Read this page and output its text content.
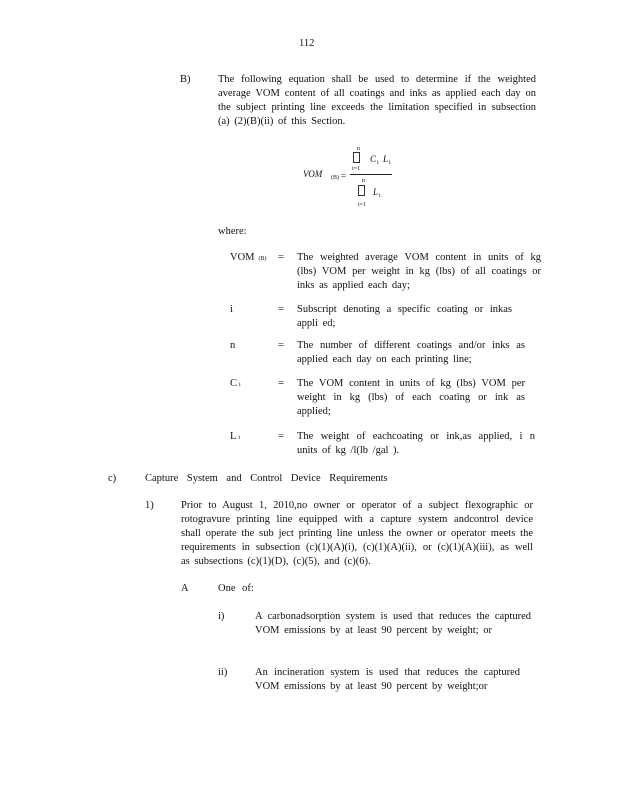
112
B)	The following equation shall be used to determine if the weighted average VOM content of all coatings and inks as applied each day on the subject printing line exceeds the limitation specified in subsection (a) (2)(B)(ii) of this Section.
VOM (B) =
n
i=1
C i L i
n
i=1
L i
where:
VOM (B) = The weighted average VOM content in units of kg (lbs) VOM per weight in kg (lbs) of all coatings or inks as applied each day;
i	= Subscript denoting a specific coating or inkas appli ed;
n	= The number of different coatings and/or inks as applied each day on each printing line;
Ci	= The VOM content in units of kg (lbs) VOM per weight in kg (lbs) of each coating or ink as applied;
Li	= The weight of eachcoating or ink,as applied, i n units of kg /l(lb /gal ).
c)	Capture System and Control Device Requirements
1)	Prior to August 1, 2010,no owner or operator of a subject flexographic or rotogravure printing line equipped with a capture system andcontrol device shall operate the sub ject printing line unless the owner or operator meets the requirements in subsection (c)(1)(A)(i), (c)(1)(A)(ii), or (c)(1)(A)(iii), as well as subsections (c)(1)(D), (c)(5), and (c)(6).
A	One of:
i)	A carbonadsorption system is used that reduces the captured VOM emissions by at least 90 percent by weight; or
ii)	An incineration system is used that reduces the captured VOM emissions by at least 90 percent by weight;or
